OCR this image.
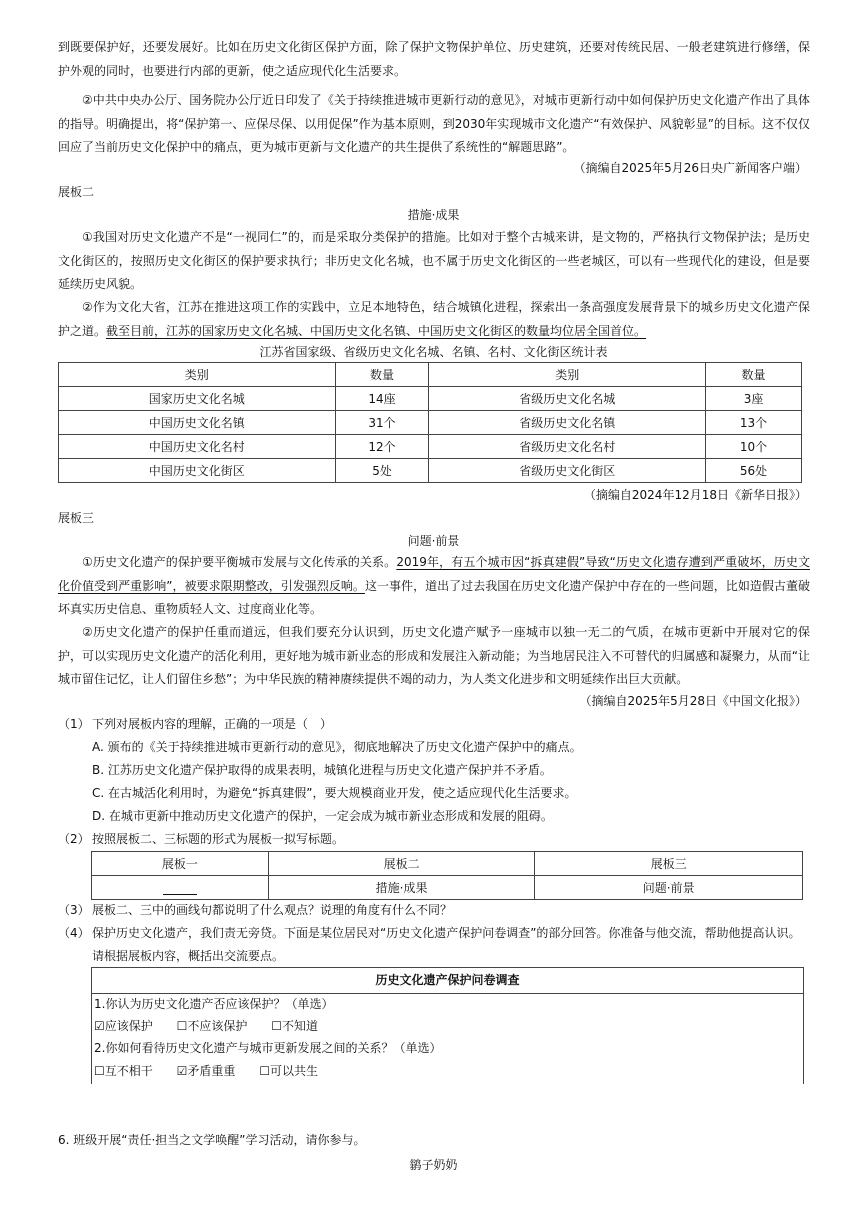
到既要保护好，还要发展好。比如在历史文化街区保护方面，除了保护文物保护单位、历史建筑，还要对传统民居、一般老建筑进行修缮，保护外观的同时，也要进行内部的更新，使之适应现代化生活要求。
②中共中央办公厅、国务院办公厅近日印发了《关于持续推进城市更新行动的意见》，对城市更新行动中如何保护历史文化遗产作出了具体的指导。明确提出，将“保护第一、应保尽保、以用促保”作为基本原则，到2030年实现城市文化遗产“有效保护、风貌彰显”的目标。这不仅仅回应了当前历史文化保护中的痛点，更为城市更新与文化遗产的共生提供了系统性的“解题思路”。
（摘编自2025年5月26日央广新闻客户端）
展板二
措施·成果
①我国对历史文化遗产不是“一视同仁”的，而是采取分类保护的措施。比如对于整个古城来讲，是文物的，严格执行文物保护法；是历史文化街区的，按照历史文化街区的保护要求执行；非历史文化名城，也不属于历史文化街区的一些老城区，可以有一些现代化的建设，但是要延续历史风貌。
②作为文化大省，江苏在推进这项工作的实践中，立足本地特色，结合城镇化进程，探索出一条高强度发展背景下的城乡历史文化遗产保护之道。截至目前，江苏的国家历史文化名城、中国历史文化名镇、中国历史文化街区的数量均位居全国首位。
江苏省国家级、省级历史文化名城、名镇、名村、文化街区统计表
类别	数量	类别	数量
国家历史文化名城	14座	省级历史文化名城	3座
中国历史文化名镇	31个	省级历史文化名镇	13个
中国历史文化名村	12个	省级历史文化名村	10个
中国历史文化街区	5处	省级历史文化街区	56处
（摘编自2024年12月18日《新华日报》）
展板三
问题·前景
①历史文化遗产的保护要平衡城市发展与文化传承的关系。2019年，有五个城市因“拆真建假”导致“历史文化遗存遭到严重破坏，历史文化价值受到严重影响”，被要求限期整改，引发强烈反响。这一事件，道出了过去我国在历史文化遗产保护中存在的一些问题，比如造假古董破坏真实历史信息、重物质轻人文、过度商业化等。
②历史文化遗产的保护任重而道远，但我们要充分认识到，历史文化遗产赋予一座城市以独一无二的气质，在城市更新中开展对它的保护，可以实现历史文化遗产的活化利用，更好地为城市新业态的形成和发展注入新动能；为当地居民注入不可替代的归属感和凝聚力，从而“让城市留住记忆，让人们留住乡愁”；为中华民族的精神赓续提供不竭的动力，为人类文化进步和文明延续作出巨大贡献。
（摘编自2025年5月28日《中国文化报》）
（1） 下列对展板内容的理解，正确的一项是（　）
A. 颁布的《关于持续推进城市更新行动的意见》，彻底地解决了历史文化遗产保护中的痛点。
B. 江苏历史文化遗产保护取得的成果表明，城镇化进程与历史文化遗产保护并不矛盾。
C. 在古城活化利用时，为避免“拆真建假”，要大规模商业开发，使之适应现代化生活要求。
D. 在城市更新中推动历史文化遗产的保护，一定会成为城市新业态形成和发展的阻碍。
（2） 按照展板二、三标题的形式为展板一拟写标题。
展板一	展板二	展板三
	措施·成果	问题·前景
（3） 展板二、三中的画线句都说明了什么观点？说理的角度有什么不同？
（4） 保护历史文化遗产，我们责无旁贷。下面是某位居民对“历史文化遗产保护问卷调查”的部分回答。你准备与他交流，帮助他提高认识。请根据展板内容，概括出交流要点。
历史文化遗产保护问卷调查
1.你认为历史文化遗产否应该保护？（单选）
☑应该保护 ☐不应该保护 ☐不知道
2.你如何看待历史文化遗产与城市更新发展之间的关系？（单选）
☐互不相干 ☑矛盾重重 ☐可以共生
6. 班级开展“责任·担当之文学唤醒”学习活动，请你参与。
鹟子奶奶
